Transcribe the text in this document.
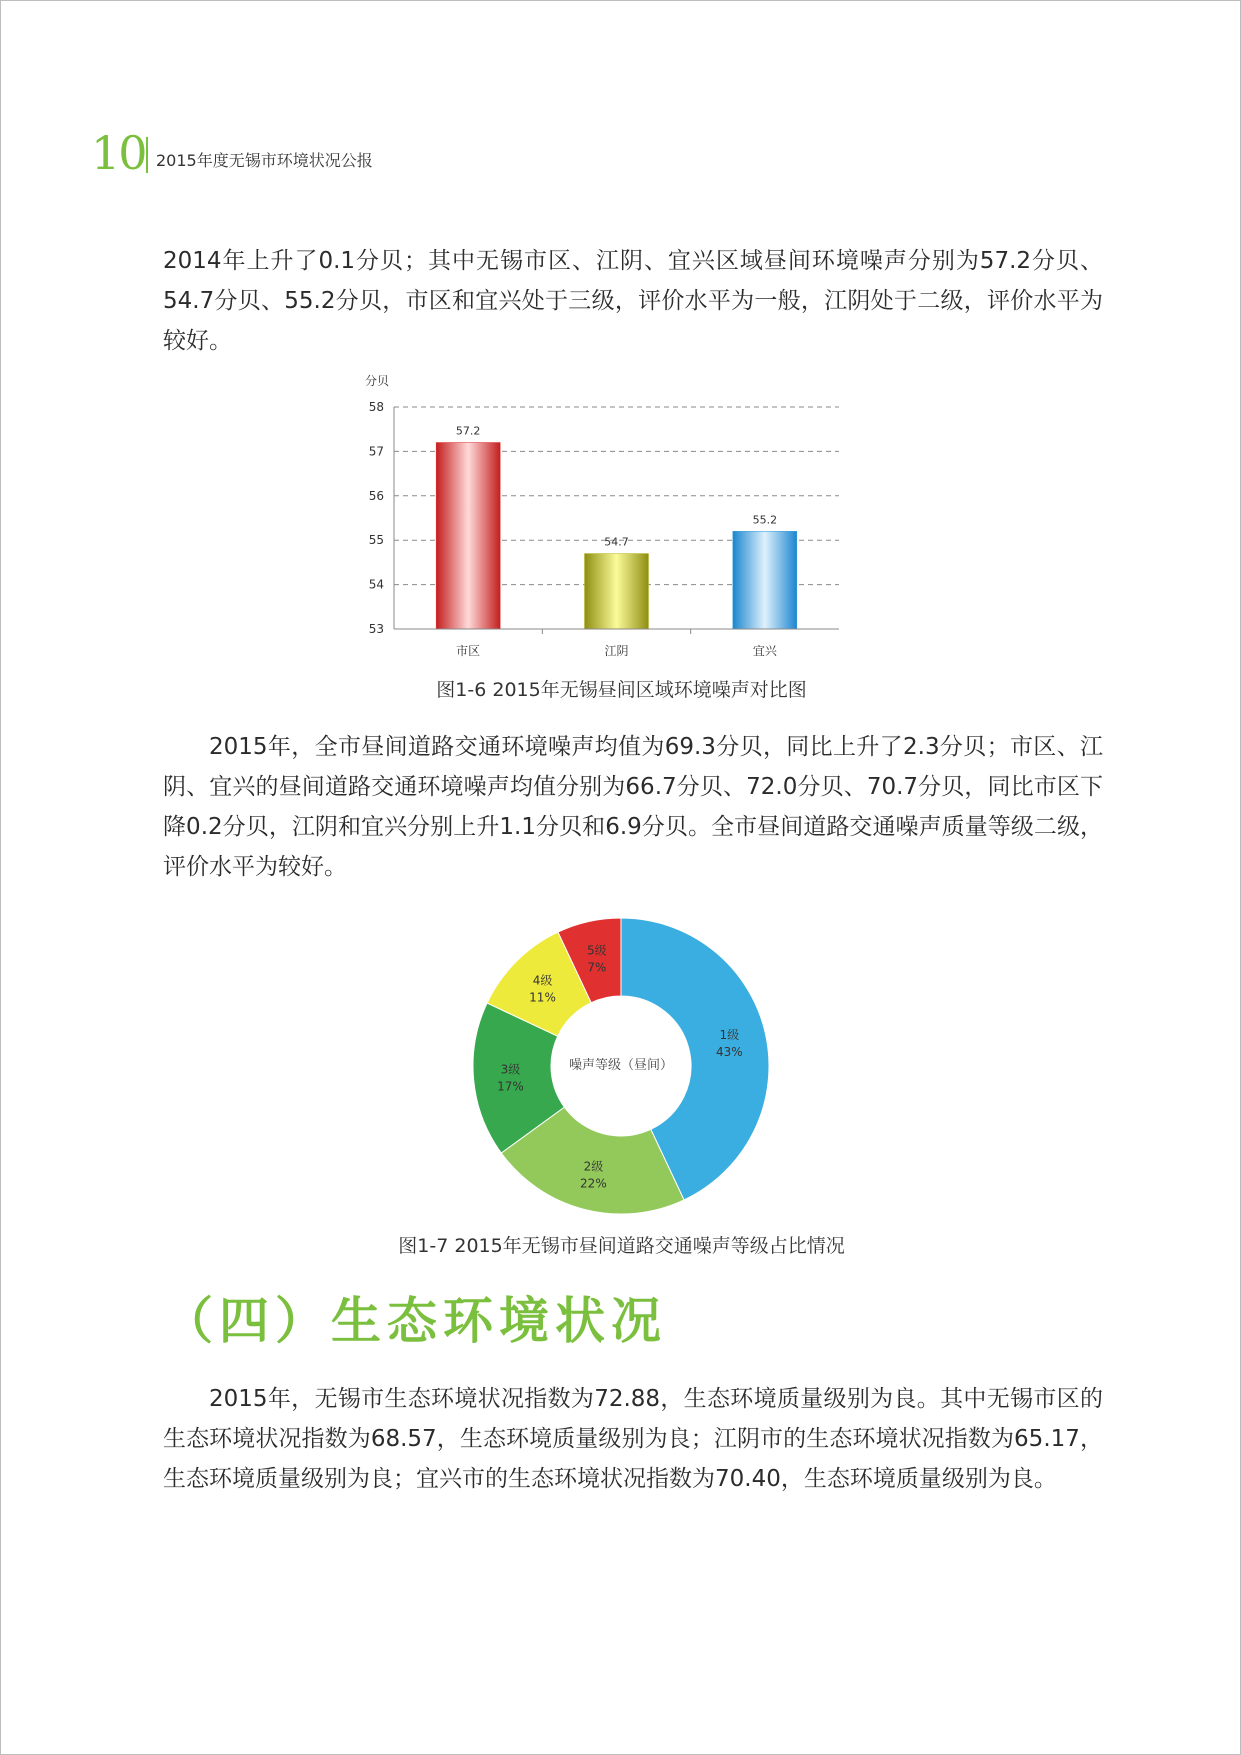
10 2015年度无锡市环境状况公报

2014年上升了0.1分贝；其中无锡市区、江阴、宜兴区域昼间环境噪声分别为57.2分贝、54.7分贝、55.2分贝，市区和宜兴处于三级，评价水平为一般，江阴处于二级，评价水平为较好。

分贝
53
54
55
56
57
58
57.2
54.7
55.2
市区	江阴	宜兴
图1-6 2015年无锡昼间区域环境噪声对比图

2015年，全市昼间道路交通环境噪声均值为69.3分贝，同比上升了2.3分贝；市区、江阴、宜兴的昼间道路交通环境噪声均值分别为66.7分贝、72.0分贝、70.7分贝，同比市区下降0.2分贝，江阴和宜兴分别上升1.1分贝和6.9分贝。全市昼间道路交通噪声质量等级二级，评价水平为较好。

1级
43%
2级
22%
3级
17%
4级
11%
5级
7%
噪声等级（昼间）
图1-7 2015年无锡市昼间道路交通噪声等级占比情况
（四）生态环境状况

2015年，无锡市生态环境状况指数为72.88，生态环境质量级别为良。其中无锡市区的生态环境状况指数为68.57，生态环境质量级别为良；江阴市的生态环境状况指数为65.17，生态环境质量级别为良；宜兴市的生态环境状况指数为70.40，生态环境质量级别为良。
